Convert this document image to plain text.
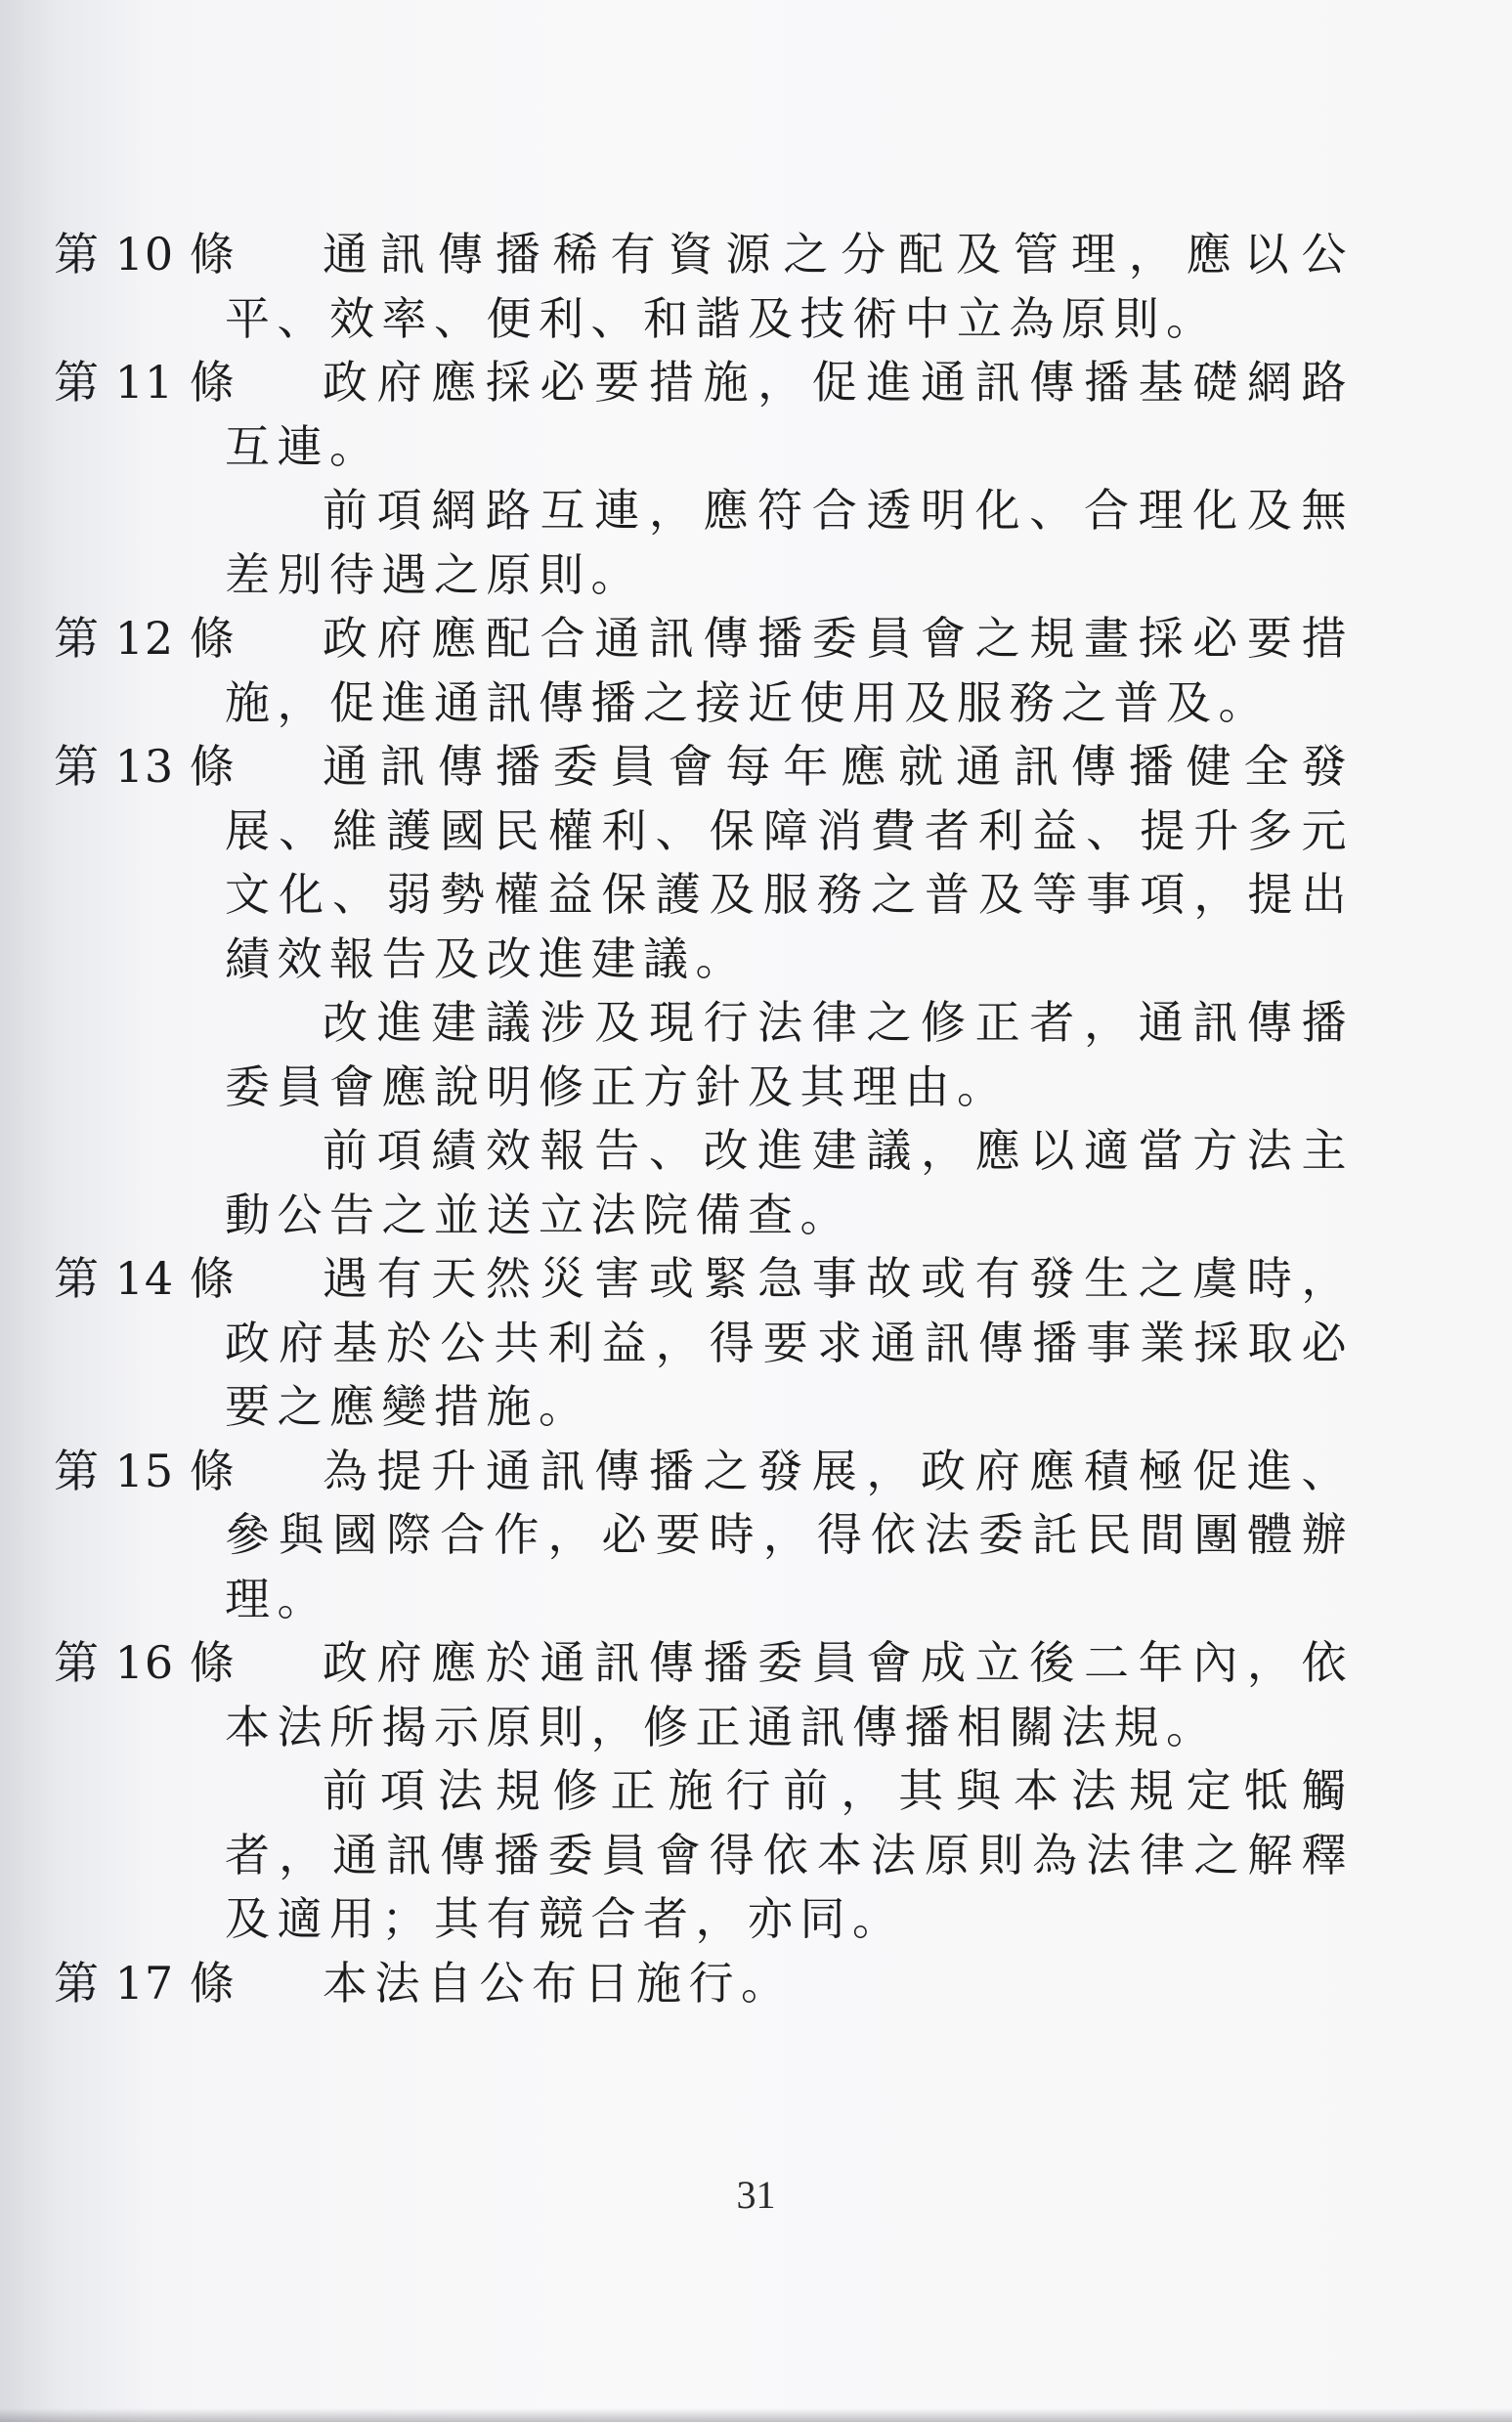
第 10 條	通訊傳播稀有資源之分配及管理，應以公平、效率、便利、和諧及技術中立為原則。

第 11 條	政府應採必要措施，促進通訊傳播基礎網路互連。

前項網路互連，應符合透明化、合理化及無差別待遇之原則。

第 12 條	政府應配合通訊傳播委員會之規畫採必要措施，促進通訊傳播之接近使用及服務之普及。

第 13 條	通訊傳播委員會每年應就通訊傳播健全發展、維護國民權利、保障消費者利益、提升多元文化、弱勢權益保護及服務之普及等事項，提出績效報告及改進建議。

改進建議涉及現行法律之修正者，通訊傳播委員會應說明修正方針及其理由。

前項績效報告、改進建議，應以適當方法主動公告之並送立法院備查。

第 14 條	遇有天然災害或緊急事故或有發生之虞時，政府基於公共利益，得要求通訊傳播事業採取必要之應變措施。

第 15 條	為提升通訊傳播之發展，政府應積極促進、參與國際合作，必要時，得依法委託民間團體辦理。

第 16 條	政府應於通訊傳播委員會成立後二年內，依本法所揭示原則，修正通訊傳播相關法規。

前項法規修正施行前，其與本法規定牴觸者，通訊傳播委員會得依本法原則為法律之解釋及適用；其有競合者，亦同。

第 17 條	本法自公布日施行。

31
